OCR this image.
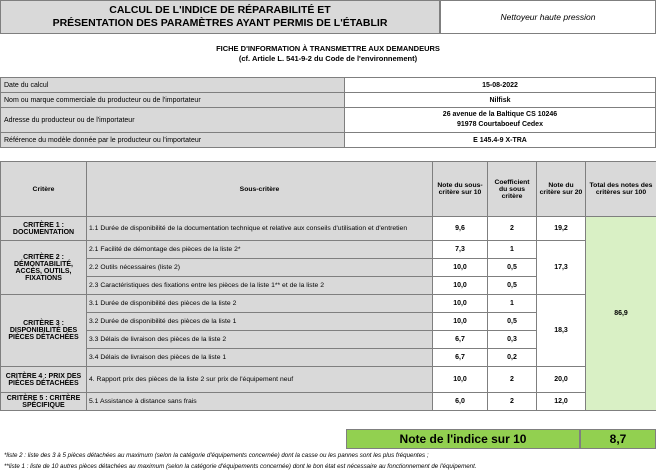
CALCUL DE L'INDICE DE RÉPARABILITÉ ET
PRÉSENTATION DES PARAMÈTRES AYANT PERMIS DE L'ÉTABLIR	Nettoyeur haute pression
FICHE D'INFORMATION À TRANSMETTRE AUX DEMANDEURS
(cf. Article L. 541-9-2 du Code de l'environnement)
Date du calcul	15-08-2022
Nom ou marque commerciale du producteur ou de l'importateur	Nilfisk
Adresse du producteur ou de l'importateur	26 avenue de la Baltique CS 10246
91978 Courtaboeuf Cedex

Référence du modèle donnée par le producteur ou l'importateur	E 145.4-9 X-TRA
Critère	Sous-critère	Note du sous-critère sur 10	Coefficient du sous critère	Note du critère sur 20	Total des notes des critères sur 100
CRITÈRE 1 : DOCUMENTATION	1.1 Durée de disponibilité de la documentation technique et relative aux conseils d'utilisation et d'entretien	9,6	2	19,2	86,9
CRITÈRE 2 : DÉMONTABILITÉ, ACCÈS, OUTILS, FIXATIONS	2.1 Facilité de démontage des pièces de la liste 2*	7,3	1	17,3	
	2.2 Outils nécessaires (liste 2)	10,0	0,5		
	2.3 Caractéristiques des fixations entre les pièces de la liste 1** et de la liste 2	10,0	0,5		
CRITÈRE 3 : DISPONIBILITÉ DES PIÈCES DÉTACHÉES	3.1 Durée de disponibilité des pièces de la liste 2	10,0	1	18,3	
	3.2 Durée de disponibilité des pièces de la liste 1	10,0	0,5		
	3.3 Délais de livraison des pièces de la liste 2	6,7	0,3		
	3.4 Délais de livraison des pièces de la liste 1	6,7	0,2		
CRITÈRE 4 : PRIX DES PIÈCES DÉTACHÉES	4. Rapport prix des pièces de la liste 2 sur prix de l'équipement neuf	10,0	2	20,0	
CRITÈRE 5 : CRITÈRE SPÉCIFIQUE	5.1 Assistance à distance sans frais	6,0	2	12,0	
Note de l'indice sur 10	8,7
*liste 2 : liste des 3 à 5 pièces détachées au maximum (selon la catégorie d'équipements concernée) dont la casse ou les pannes sont les plus fréquentes ;
**liste 1 : liste de 10 autres pièces détachées au maximum (selon la catégorie d'équipements concernée) dont le bon état est nécessaire au fonctionnement de l'équipement.
